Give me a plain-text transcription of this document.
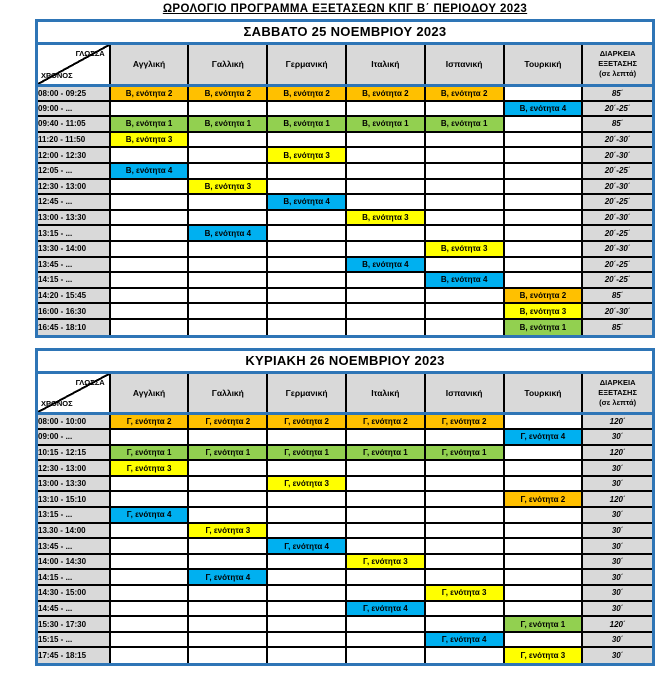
ΩΡΟΛΟΓΙΟ ΠΡΟΓΡΑΜΜΑ ΕΞΕΤΑΣΕΩΝ ΚΠΓ Β΄ ΠΕΡΙΟΔΟΥ 2023
ΣΑΒΒΑΤΟ 25 ΝΟΕΜΒΡΙΟΥ 2023
ΓΛΩΣΣΑ
ΧΡΟΝΟΣ
	Αγγλική	Γαλλική	Γερμανική	Ιταλική	Ισπανική	Τουρκική	
ΔΙΑΡΚΕΙΑ
ΕΞΕΤΑΣΗΣ
(σε λεπτά)

08:00 - 09:25	Β, ενότητα 2	Β, ενότητα 2	Β, ενότητα 2	Β, ενότητα 2	Β, ενότητα 2		85΄
09:00 - ...						Β, ενότητα 4	20΄-25΄
09:40 - 11:05	Β, ενότητα 1	Β, ενότητα 1	Β, ενότητα 1	Β, ενότητα 1	Β, ενότητα 1		85΄
11:20 - 11:50	Β, ενότητα 3						20΄-30΄
12:00 - 12:30			Β, ενότητα 3				20΄-30΄
12:05 - ...	Β, ενότητα 4						20΄-25΄
12:30 - 13:00		Β, ενότητα 3					20΄-30΄
12:45 - ...			Β, ενότητα 4				20΄-25΄
13:00 - 13:30				Β, ενότητα 3			20΄-30΄
13:15 - ...		Β, ενότητα 4					20΄-25΄
13:30 - 14:00					Β, ενότητα 3		20΄-30΄
13:45 - ...				Β, ενότητα 4			20΄-25΄
14:15 - ...					Β, ενότητα 4		20΄-25΄
14:20 - 15:45						Β, ενότητα 2	85΄
16:00 - 16:30						Β, ενότητα 3	20΄-30΄
16:45 - 18:10						Β, ενότητα 1	85΄
ΚΥΡΙΑΚΗ 26 ΝΟΕΜΒΡΙΟΥ 2023
ΓΛΩΣΣΑ
ΧΡΟΝΟΣ
	Αγγλική	Γαλλική	Γερμανική	Ιταλική	Ισπανική	Τουρκική	
ΔΙΑΡΚΕΙΑ
ΕΞΕΤΑΣΗΣ
(σε λεπτά)

08:00 - 10:00	Γ, ενότητα 2	Γ, ενότητα 2	Γ, ενότητα 2	Γ, ενότητα 2	Γ, ενότητα 2		120΄
09:00 - ...						Γ, ενότητα 4	30΄
10:15 - 12:15	Γ, ενότητα 1	Γ, ενότητα 1	Γ, ενότητα 1	Γ, ενότητα 1	Γ, ενότητα 1		120΄
12:30 - 13:00	Γ, ενότητα 3						30΄
13:00 - 13:30			Γ, ενότητα 3				30΄
13:10 - 15:10						Γ, ενότητα 2	120΄
13:15 - ...	Γ, ενότητα 4						30΄
13.30 - 14:00		Γ, ενότητα 3					30΄
13:45 - ...			Γ, ενότητα 4				30΄
14:00 - 14:30				Γ, ενότητα 3			30΄
14:15 - ...		Γ, ενότητα 4					30΄
14:30 - 15:00					Γ, ενότητα 3		30΄
14:45 - ...				Γ, ενότητα 4			30΄
15:30 - 17:30						Γ, ενότητα 1	120΄
15:15 - ...					Γ, ενότητα 4		30΄
17:45 - 18:15						Γ, ενότητα 3	30΄
